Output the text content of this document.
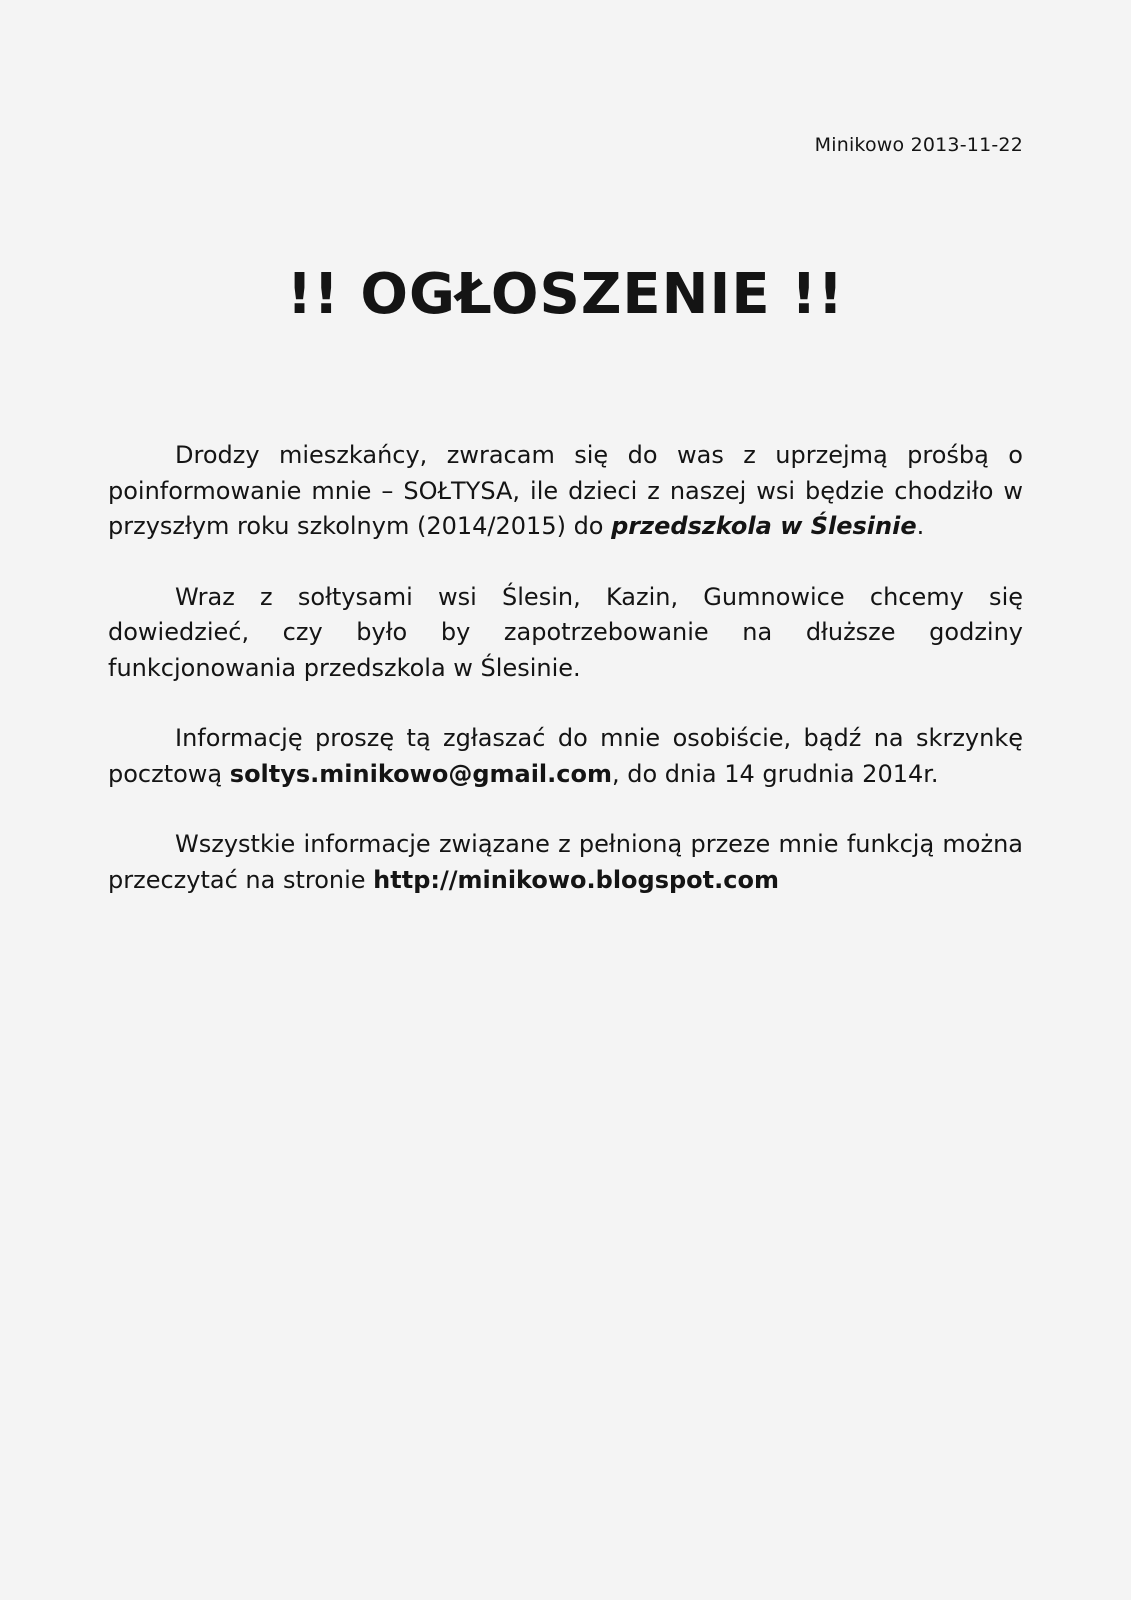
Minikowo 2013-11-22
!! OGŁOSZENIE !!

Drodzy mieszkańcy, zwracam się do was z uprzejmą prośbą o poinformowanie mnie – SOŁTYSA, ile dzieci z naszej wsi będzie chodziło w przyszłym roku szkolnym (2014/2015) do przedszkola w Ślesinie.

Wraz z sołtysami wsi Ślesin, Kazin, Gumnowice chcemy się dowiedzieć, czy było by zapotrzebowanie na dłuższe godziny funkcjonowania przedszkola w Ślesinie.

Informację proszę tą zgłaszać do mnie osobiście, bądź na skrzynkę pocztową soltys.minikowo@gmail.com, do dnia 14 grudnia 2014r.

Wszystkie informacje związane z pełnioną przeze mnie funkcją można przeczytać na stronie http://minikowo.blogspot.com
